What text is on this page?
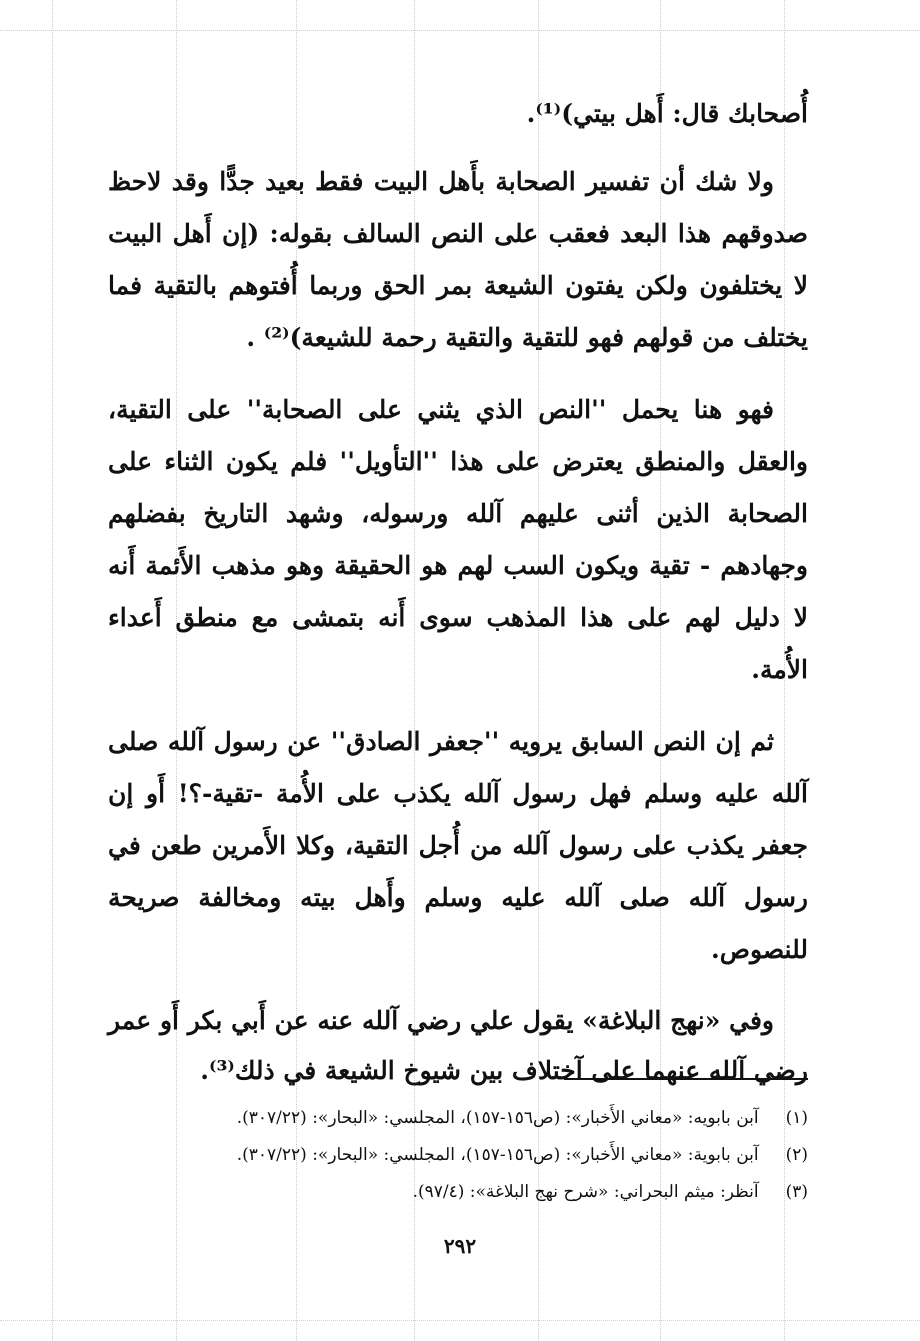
أُصحابك قال: أَهل بيتي)⁽¹⁾.

ولا شك أن تفسير الصحابة بأَهل البيت فقط بعيد جدًّا وقد لاحظ صدوقهم هذا البعد فعقب على النص السالف بقوله: (إن أَهل البيت لا يختلفون ولكن يفتون الشيعة بمر الحق وربما أُفتوهم بالتقية فما يختلف من قولهم فهو للتقية والتقية رحمة للشيعة)⁽²⁾ .

فهو هنا يحمل ''النص الذي يثني على الصحابة'' على التقية، والعقل والمنطق يعترض على هذا ''التأويل'' فلم يكون الثناء على الصحابة الذين أثنى عليهم آلله ورسوله، وشهد التاريخ بفضلهم وجهادهم - تقية ويكون السب لهم هو الحقيقة وهو مذهب الأَئمة أَنه لا دليل لهم على هذا المذهب سوى أَنه بتمشى مع منطق أَعداء الأُمة.

ثم إن النص السابق يرويه ''جعفر الصادق'' عن رسول آلله صلى آلله عليه وسلم فهل رسول آلله يكذب على الأُمة -تقية-؟! أَو إن جعفر يكذب على رسول آلله من أُجل التقية، وكلا الأَمرين طعن في رسول آلله صلى آلله عليه وسلم وأَهل بيته ومخالفة صريحة للنصوص.

وفي «نهج البلاغة» يقول علي رضي آلله عنه عن أَبي بكر أَو عمر رضي آلله عنهما على آختلاف بين شيوخ الشيعة في ذلك⁽³⁾.

(١) آبن بابويه: «معاني الأَخبار»: (ص١٥٦-١٥٧)، المجلسي: «البحار»: (٣٠٧/٢٢).
(٢) آبن بابوية: «معاني الأَخبار»: (ص١٥٦-١٥٧)، المجلسي: «البحار»: (٣٠٧/٢٢).
(٣) آنظر: ميثم البحراني: «شرح نهج البلاغة»: (٩٧/٤).
٢٩٢
